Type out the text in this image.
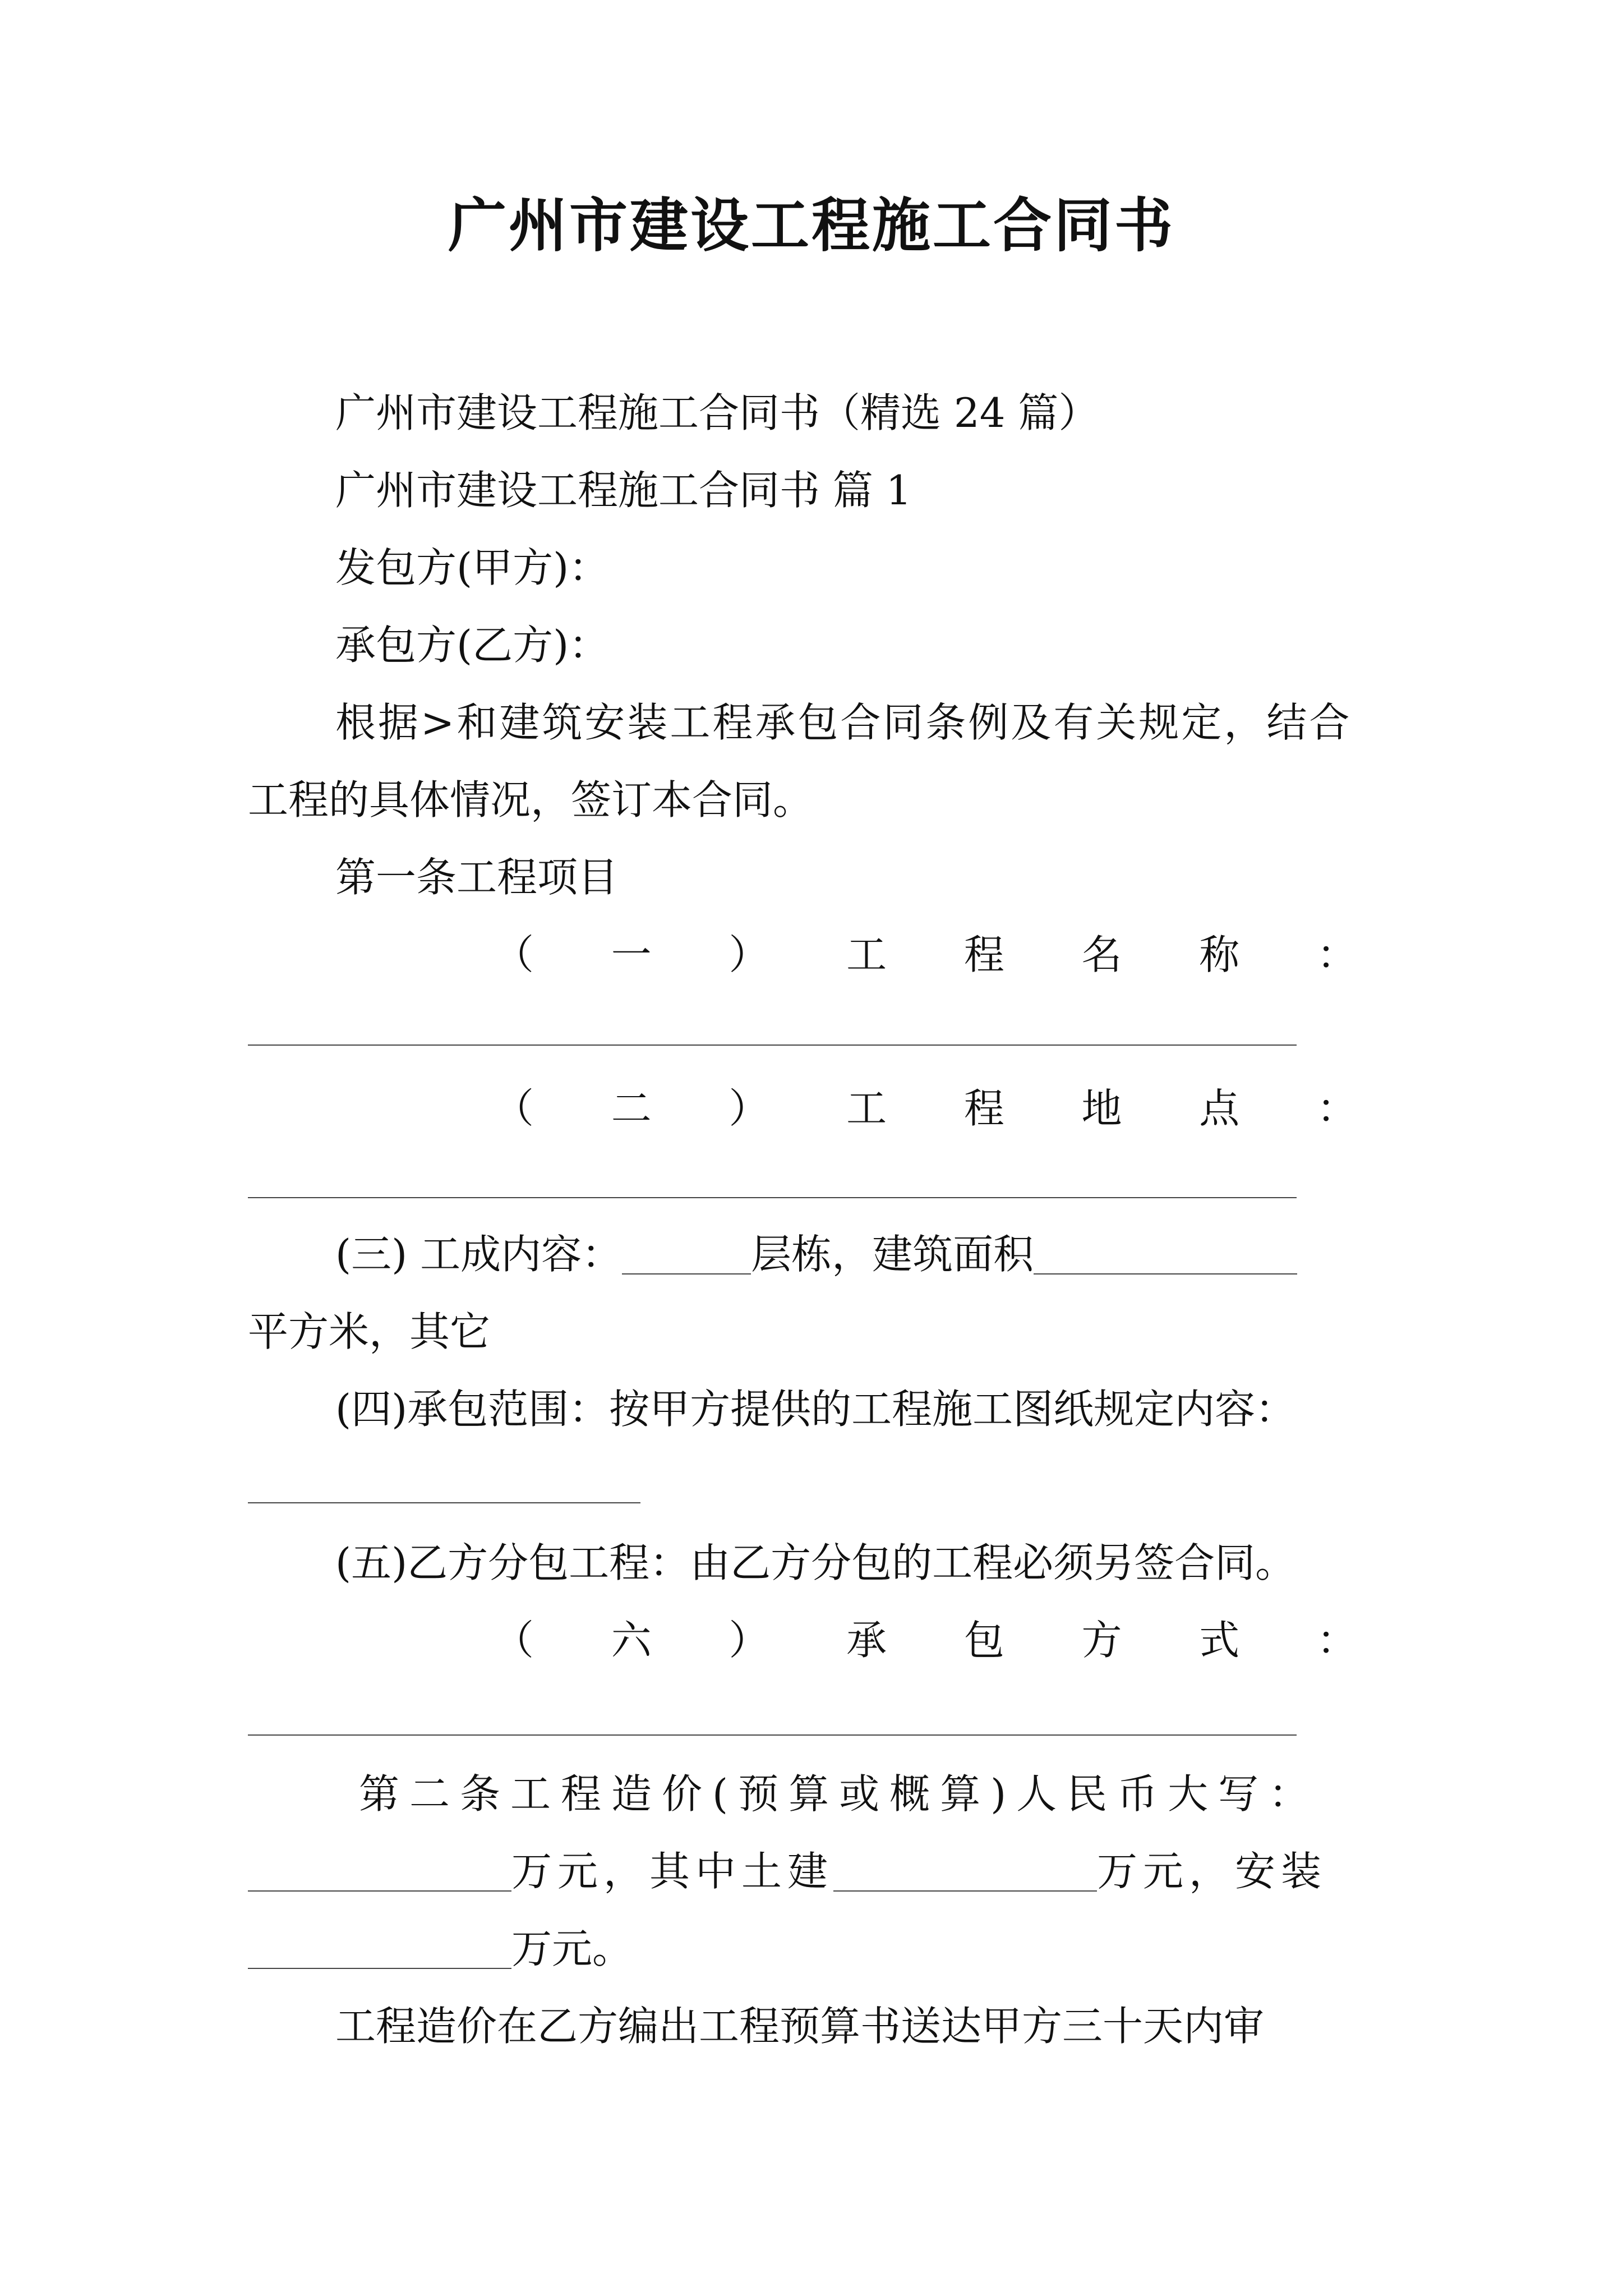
广州市建设工程施工合同书
广州市建设工程施工合同书（精选 24 篇）
广州市建设工程施工合同书 篇 1
发包方(甲方)：
承包方(乙方)：
根据>和建筑安装工程承包合同条例及有关规定，结合
工程的具体情况，签订本合同。
第一条工程项目
（ 一 ） 工 程 名 称 ：
（ 二 ） 工 程 地 点 ：
(三) 工成内容：	层栋，建筑面积
平方米，其它
(四)承包范围：按甲方提供的工程施工图纸规定内容：
(五)乙方分包工程：由乙方分包的工程必须另签合同。
（ 六 ） 承 包 方 式 ：
第二条工程造价(预算或概算)人民币大写：
万元，其中土建	万元，安装
万元。
工程造价在乙方编出工程预算书送达甲方三十天内审
